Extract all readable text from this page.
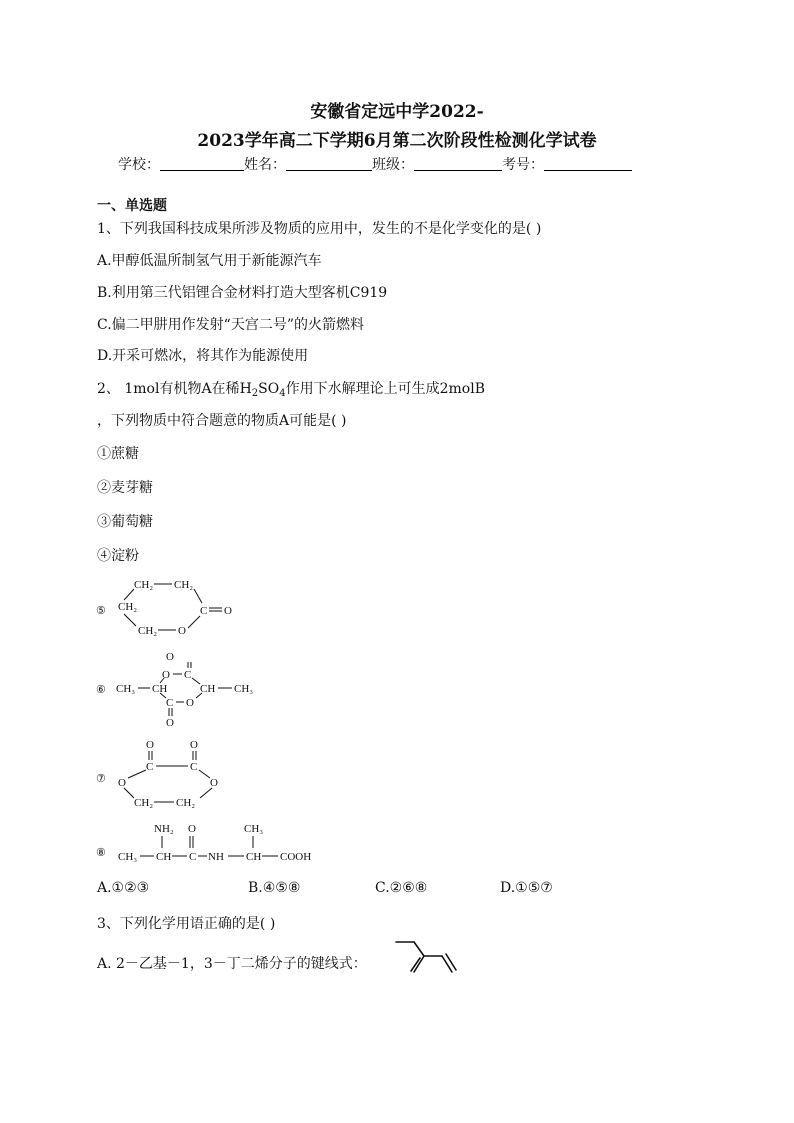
安徽省定远中学2022-
2023学年高二下学期6月第二次阶段性检测化学试卷
学校：	姓名：	班级：	考号：
一、单选题
1、下列我国科技成果所涉及物质的应用中，发生的不是化学变化的是( )
A.甲醇低温所制氢气用于新能源汽车
B.利用第三代铝锂合金材料打造大型客机C919
C.偏二甲肼用作发射“天宫二号”的火箭燃料
D.开采可燃冰，将其作为能源使用
2、 1mol有机物A在稀$H_2SO_4$作用下水解理论上可生成2molB
，下列物质中符合题意的物质A可能是( )
①蔗糖
②麦芽糖
③葡萄糖
④淀粉
⑤
CH₂ CH₂
CH₂
CH₂
C
O
O
⑥
O
O C
CH₃ CH	CH CH₃
C O
O
⑦
O	O
C	C
O	O
CH₂ CH₂
⑧
NH₂ O	CH₃
CH₃ CH C NH CH COOH
A.①②③	B.④⑤⑧	C.②⑥⑧	D.①⑤⑦
3、下列化学用语正确的是( )
A. 2－乙基－1，3－丁二烯分子的键线式：
